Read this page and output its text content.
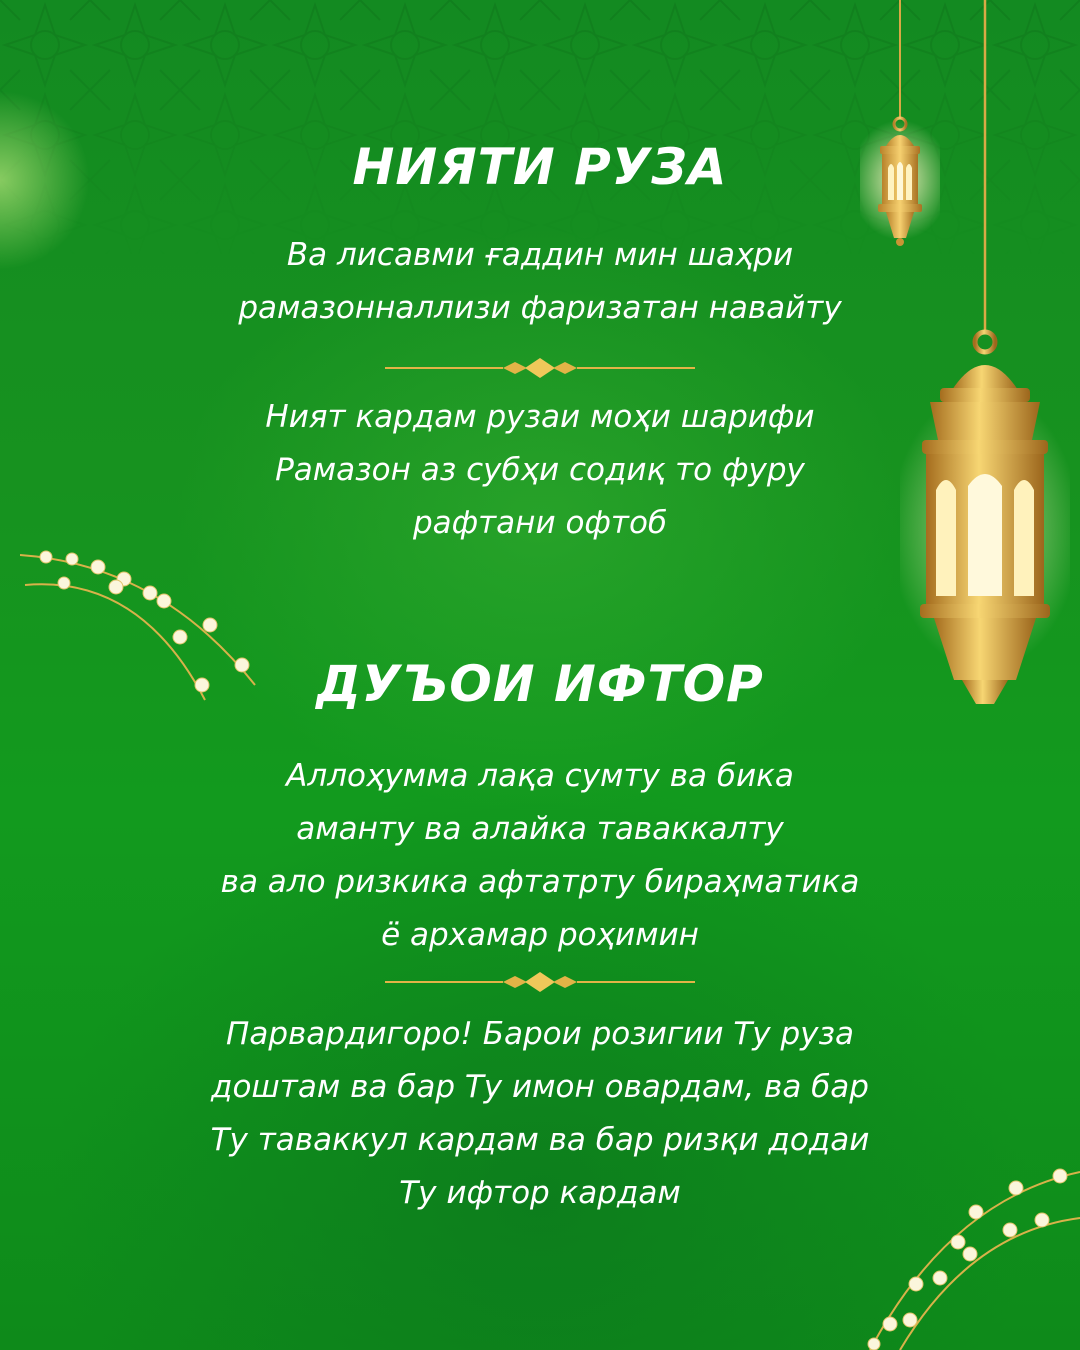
НИЯТИ РУЗА

Ва лисавми ғаддин мин шаҳри
рамазонналлизи фаризатан навайту

Ният кардам рузаи моҳи шарифи
Рамазон аз субҳи содиқ то фуру
рафтани офтоб

ДУЪОИ ИФТОР

Аллоҳумма лақа сумту ва бика
аманту ва алайка таваккалту
ва ало ризкика афтатрту бираҳматика
ё архамар роҳимин

Парвардигоро! Барои розигии Ту руза
доштам ва бар Ту имон овардам, ва бар
Ту таваккул кардам ва бар ризқи додаи
Ту ифтор кардам
